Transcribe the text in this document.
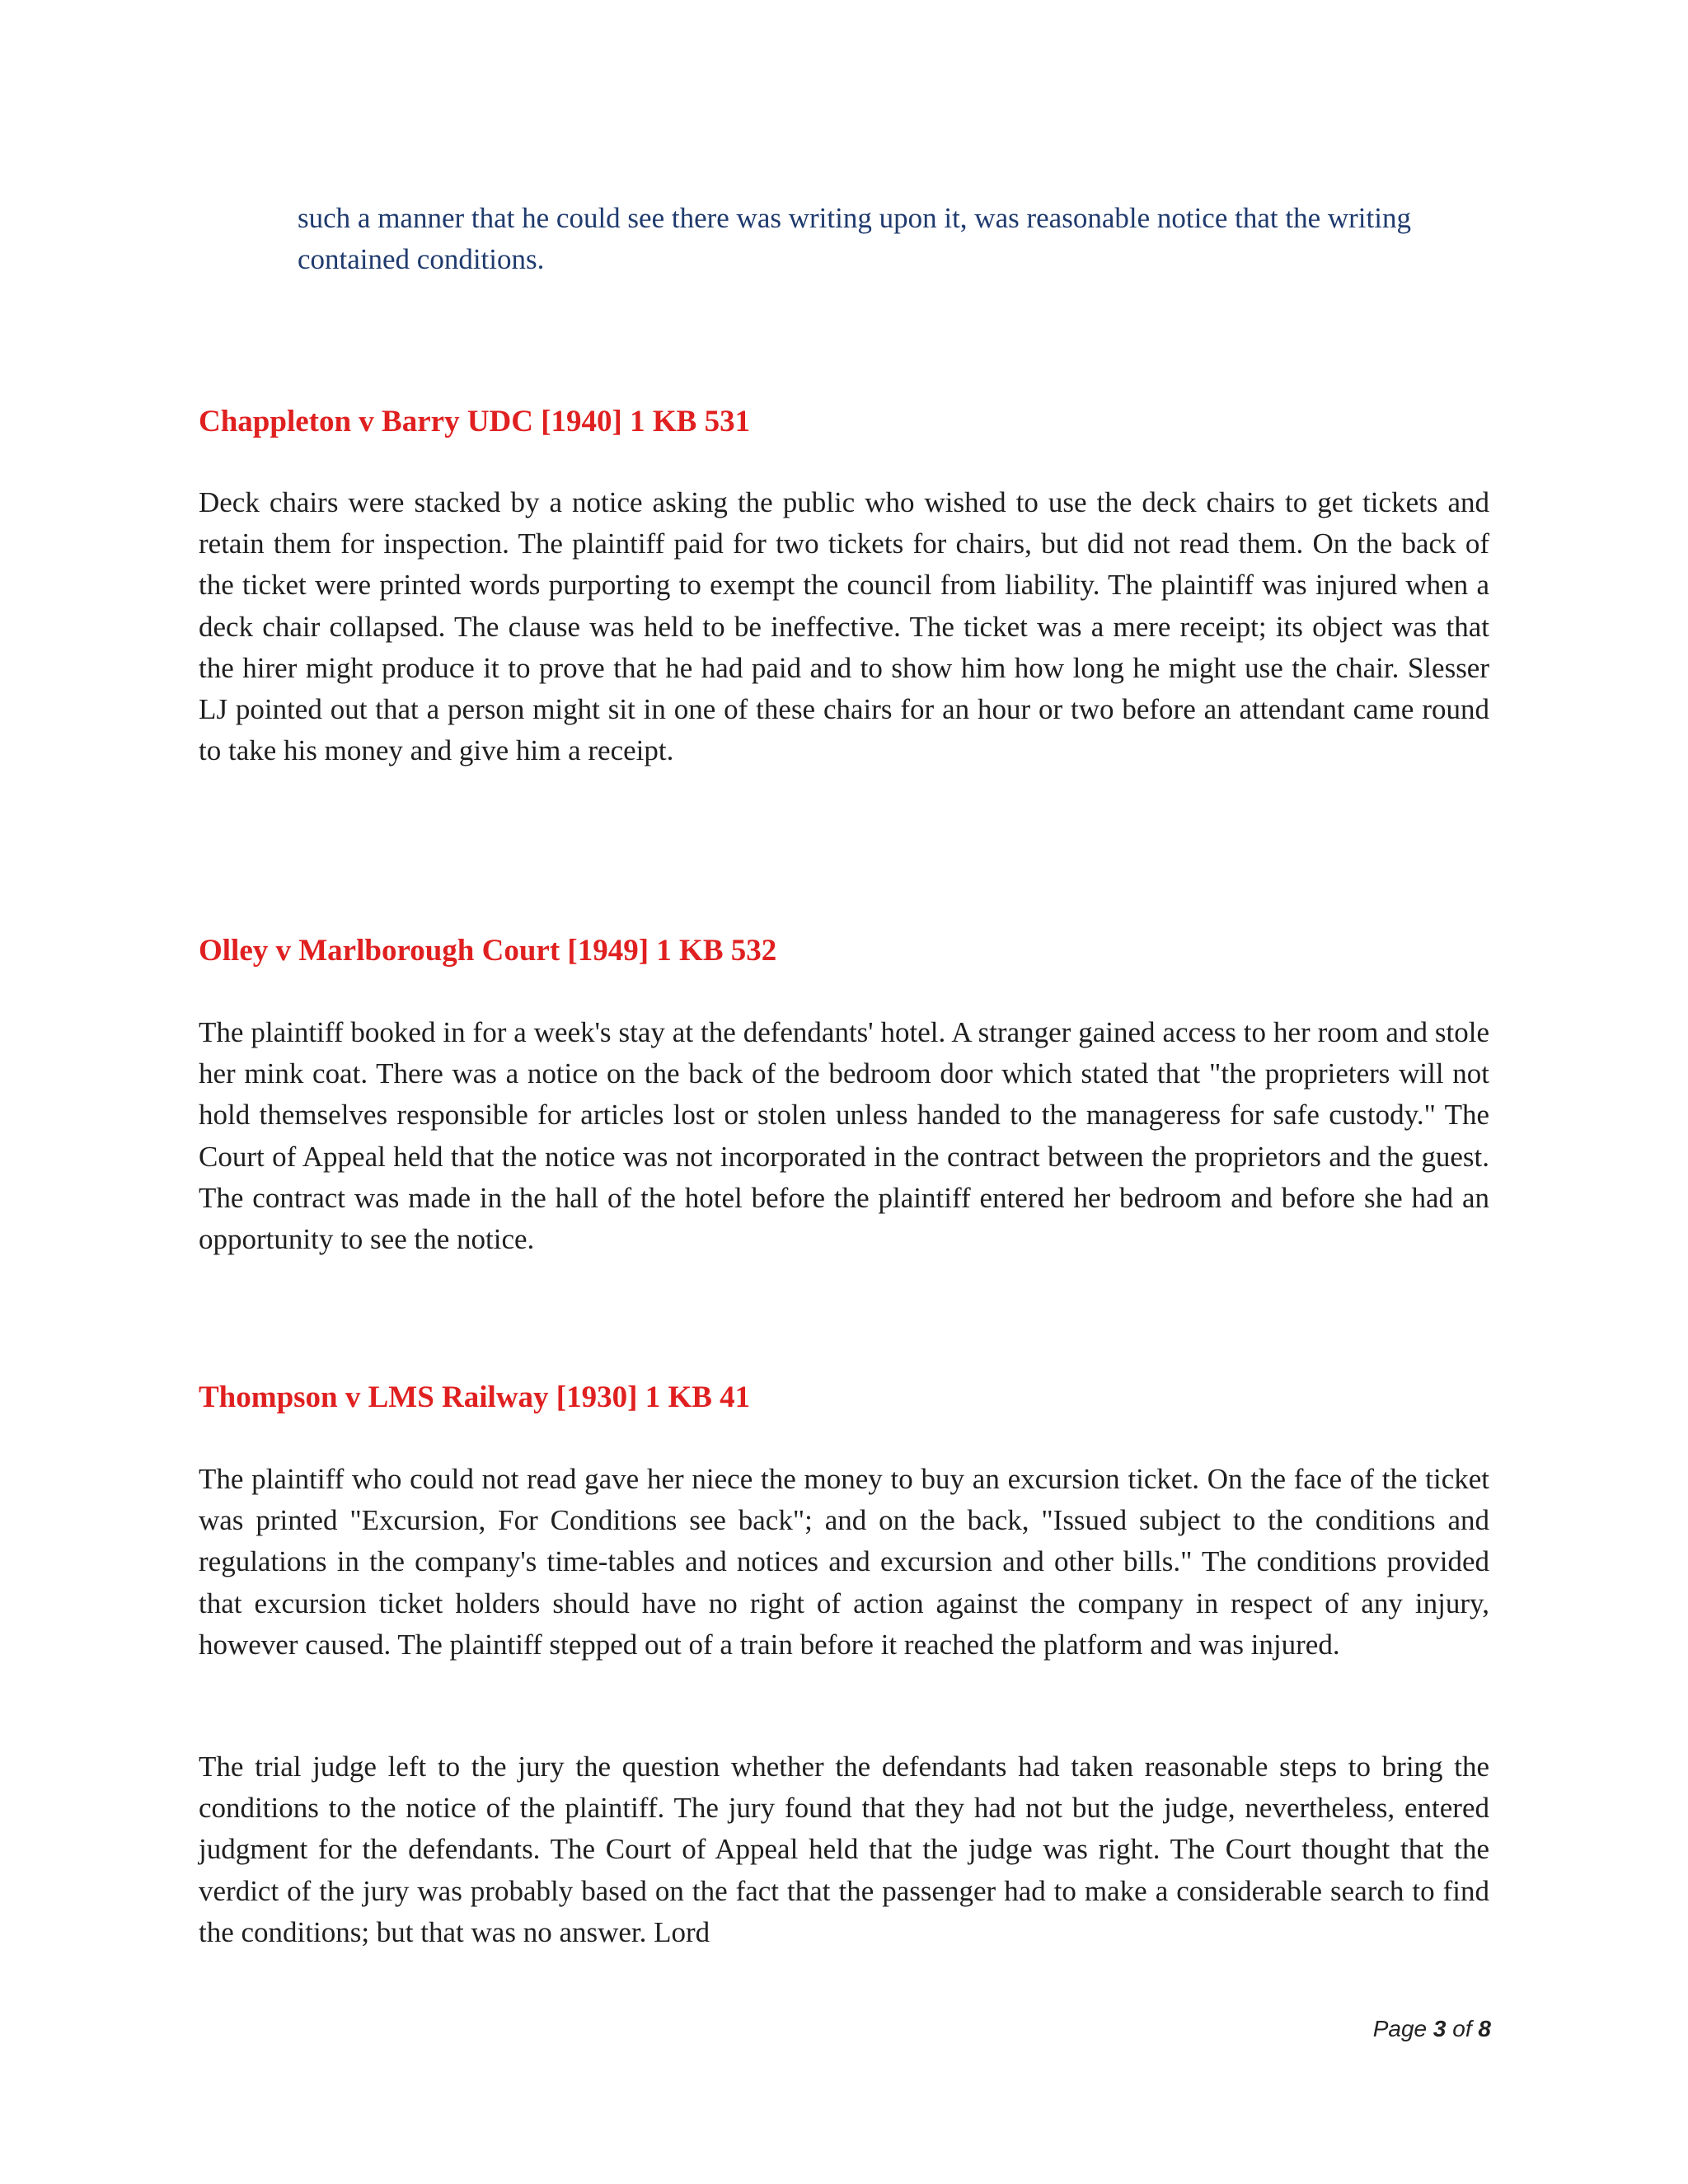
such a manner that he could see there was writing upon it, was reasonable notice that the writing contained conditions.

Chappleton v Barry UDC [1940] 1 KB 531

Deck chairs were stacked by a notice asking the public who wished to use the deck chairs to get tickets and retain them for inspection. The plaintiff paid for two tickets for chairs, but did not read them. On the back of the ticket were printed words purporting to exempt the council from liability. The plaintiff was injured when a deck chair collapsed. The clause was held to be ineffective. The ticket was a mere receipt; its object was that the hirer might produce it to prove that he had paid and to show him how long he might use the chair. Slesser LJ pointed out that a person might sit in one of these chairs for an hour or two before an attendant came round to take his money and give him a receipt.

Olley v Marlborough Court [1949] 1 KB 532

The plaintiff booked in for a week's stay at the defendants' hotel. A stranger gained access to her room and stole her mink coat. There was a notice on the back of the bedroom door which stated that "the proprieters will not hold themselves responsible for articles lost or stolen unless handed to the manageress for safe custody." The Court of Appeal held that the notice was not incorporated in the contract between the proprietors and the guest. The contract was made in the hall of the hotel before the plaintiff entered her bedroom and before she had an opportunity to see the notice.

Thompson v LMS Railway [1930] 1 KB 41

The plaintiff who could not read gave her niece the money to buy an excursion ticket. On the face of the ticket was printed "Excursion, For Conditions see back"; and on the back, "Issued subject to the conditions and regulations in the company's time-tables and notices and excursion and other bills." The conditions provided that excursion ticket holders should have no right of action against the company in respect of any injury, however caused. The plaintiff stepped out of a train before it reached the platform and was injured.

The trial judge left to the jury the question whether the defendants had taken reasonable steps to bring the conditions to the notice of the plaintiff. The jury found that they had not but the judge, nevertheless, entered judgment for the defendants. The Court of Appeal held that the judge was right. The Court thought that the verdict of the jury was probably based on the fact that the passenger had to make a considerable search to find the conditions; but that was no answer. Lord

Page 3 of 8
